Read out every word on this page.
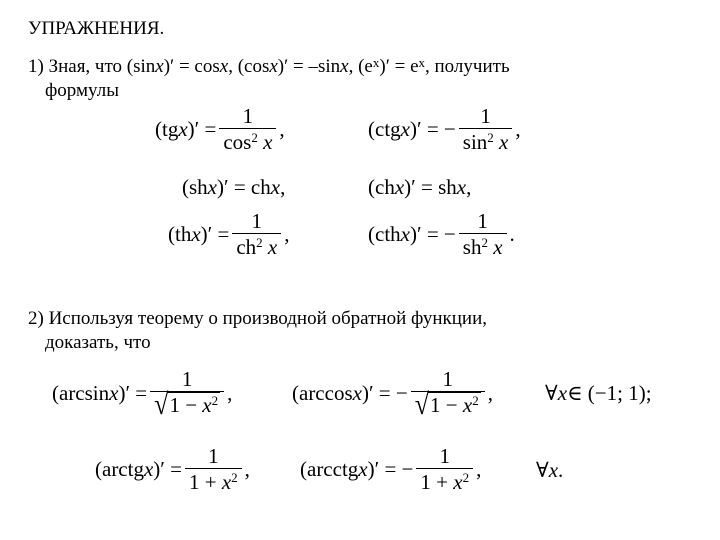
УПРАЖНЕНИЯ.
1) Зная, что (sinx)′ = cosx, (cosx)′ = –sinx, $(e^x)' = e^x$, получить
формулы
(tg x )′ = $\frac{1}{\cos^2 x}$ ,	(ctg x )′ = − $\frac{1}{\sin^2 x}$ ,
(sh x )′ = ch x ,	(ch x )′ = sh x ,
(th x )′ = $\frac{1}{ch^2 x}$ ,	(cth x )′ = − $\frac{1}{sh^2 x}$ .
2) Используя теорему о производной обратной функции,
доказать, что
(arcsin x )′ = $\frac{1}{√ 1 - x^2}$ ,	(arccos x )′ = − $\frac{1}{√ 1 - x^2}$ , ∀ x ∈ (−1; 1);
(arctg x )′ = $\frac{1}{1 + x^2}$ , (arcctg x )′ = − $\frac{1}{1 + x^2}$ ,	∀ x .
